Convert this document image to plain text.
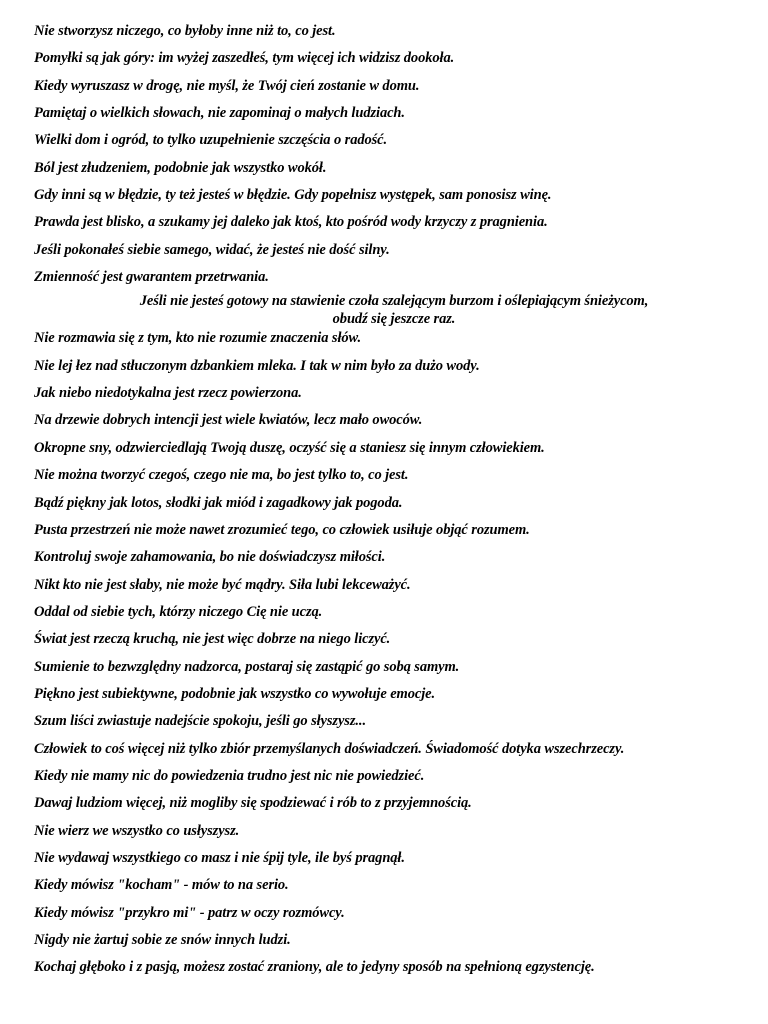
Nie stworzysz niczego, co byłoby inne niż to, co jest.
Pomyłki są jak góry: im wyżej zaszedłeś, tym więcej ich widzisz dookoła.
Kiedy wyruszasz w drogę, nie myśl, że Twój cień zostanie w domu.
Pamiętaj o wielkich słowach, nie zapominaj o małych ludziach.
Wielki dom i ogród, to tylko uzupełnienie szczęścia o radość.
Ból jest złudzeniem, podobnie jak wszystko wokół.
Gdy inni są w błędzie, ty też jesteś w błędzie. Gdy popełnisz występek, sam ponosisz winę.
Prawda jest blisko, a szukamy jej daleko jak ktoś, kto pośród wody krzyczy z pragnienia.
Jeśli pokonałeś siebie samego, widać, że jesteś nie dość silny.
Zmienność jest gwarantem przetrwania.
Jeśli nie jesteś gotowy na stawienie czoła szalejącym burzom i oślepiającym śnieżycom,
obudź się jeszcze raz.
Nie rozmawia się z tym, kto nie rozumie znaczenia słów.
Nie lej łez nad stłuczonym dzbankiem mleka. I tak w nim było za dużo wody.
Jak niebo niedotykalna jest rzecz powierzona.
Na drzewie dobrych intencji jest wiele kwiatów, lecz mało owoców.
Okropne sny, odzwierciedlają Twoją duszę, oczyść się a staniesz się innym człowiekiem.
Nie można tworzyć czegoś, czego nie ma, bo jest tylko to, co jest.
Bądź piękny jak lotos, słodki jak miód i zagadkowy jak pogoda.
Pusta przestrzeń nie może nawet zrozumieć tego, co człowiek usiłuje objąć rozumem.
Kontroluj swoje zahamowania, bo nie doświadczysz miłości.
Nikt kto nie jest słaby, nie może być mądry. Siła lubi lekceważyć.
Oddal od siebie tych, którzy niczego Cię nie uczą.
Świat jest rzeczą kruchą, nie jest więc dobrze na niego liczyć.
Sumienie to bezwzględny nadzorca, postaraj się zastąpić go sobą samym.
Piękno jest subiektywne, podobnie jak wszystko co wywołuje emocje.
Szum liści zwiastuje nadejście spokoju, jeśli go słyszysz...
Człowiek to coś więcej niż tylko zbiór przemyślanych doświadczeń. Świadomość dotyka wszechrzeczy.
Kiedy nie mamy nic do powiedzenia trudno jest nic nie powiedzieć.
Dawaj ludziom więcej, niż mogliby się spodziewać i rób to z przyjemnością.
Nie wierz we wszystko co usłyszysz.
Nie wydawaj wszystkiego co masz i nie śpij tyle, ile byś pragnął.
Kiedy mówisz "kocham" - mów to na serio.
Kiedy mówisz "przykro mi" - patrz w oczy rozmówcy.
Nigdy nie żartuj sobie ze snów innych ludzi.
Kochaj głęboko i z pasją, możesz zostać zraniony, ale to jedyny sposób na spełnioną egzystencję.
